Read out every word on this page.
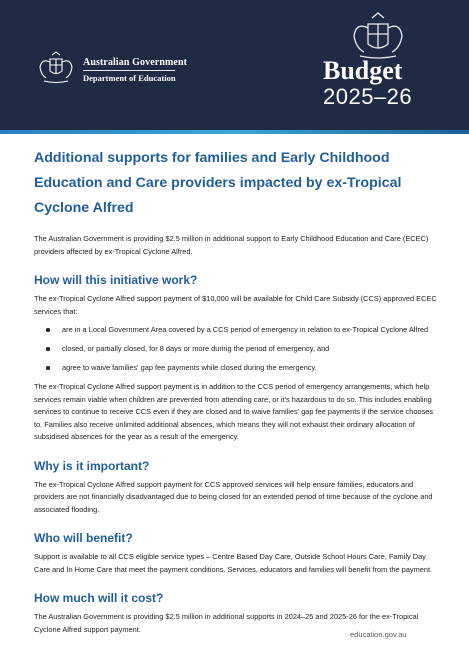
Australian Government
Department of Education	Budget
2025–26
Additional supports for families and Early Childhood Education and Care providers impacted by ex-Tropical Cyclone Alfred

The Australian Government is providing $2.5 million in additional support to Early Childhood Education and Care (ECEC) providers affected by ex-Tropical Cyclone Alfred.

How will this initiative work?

The ex-Tropical Cyclone Alfred support payment of $10,000 will be available for Child Care Subsidy (CCS) approved ECEC services that:

are in a Local Government Area covered by a CCS period of emergency in relation to ex-Tropical Cyclone Alfred
closed, or partially closed, for 8 days or more during the period of emergency, and
agree to waive families' gap fee payments while closed during the emergency.

The ex-Tropical Cyclone Alfred support payment is in addition to the CCS period of emergency arrangements, which help services remain viable when children are prevented from attending care, or it's hazardous to do so. This includes enabling services to continue to receive CCS even if they are closed and to waive families' gap fee payments if the service chooses to. Families also receive unlimited additional absences, which means they will not exhaust their ordinary allocation of subsidised absences for the year as a result of the emergency.

Why is it important?

The ex-Tropical Cyclone Alfred support payment for CCS approved services will help ensure families, educators and providers are not financially disadvantaged due to being closed for an extended period of time because of the cyclone and associated flooding.

Who will benefit?

Support is available to all CCS eligible service types – Centre Based Day Care, Outside School Hours Care, Family Day Care and In Home Care that meet the payment conditions. Services, educators and families will benefit from the payment.

How much will it cost?

The Australian Government is providing $2.5 million in additional supports in 2024–25 and 2025-26 for the ex-Tropical Cyclone Alfred support payment.

education.gov.au
